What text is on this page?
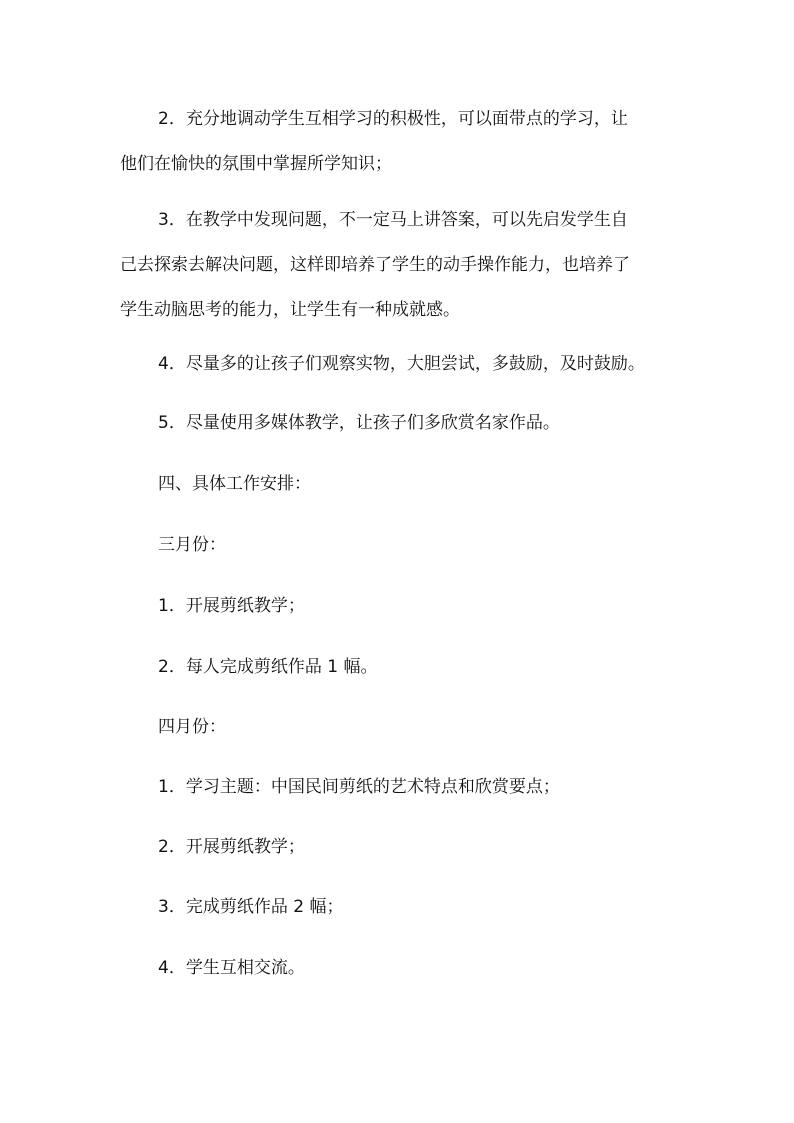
2．充分地调动学生互相学习的积极性，可以面带点的学习，让
他们在愉快的氛围中掌握所学知识；
3．在教学中发现问题，不一定马上讲答案，可以先启发学生自
己去探索去解决问题，这样即培养了学生的动手操作能力，也培养了
学生动脑思考的能力，让学生有一种成就感。
4．尽量多的让孩子们观察实物，大胆尝试，多鼓励，及时鼓励。
5．尽量使用多媒体教学，让孩子们多欣赏名家作品。
四、具体工作安排：
三月份：
1．开展剪纸教学；
2．每人完成剪纸作品 1 幅。
四月份：
1．学习主题：中国民间剪纸的艺术特点和欣赏要点；
2．开展剪纸教学；
3．完成剪纸作品 2 幅；
4．学生互相交流。
